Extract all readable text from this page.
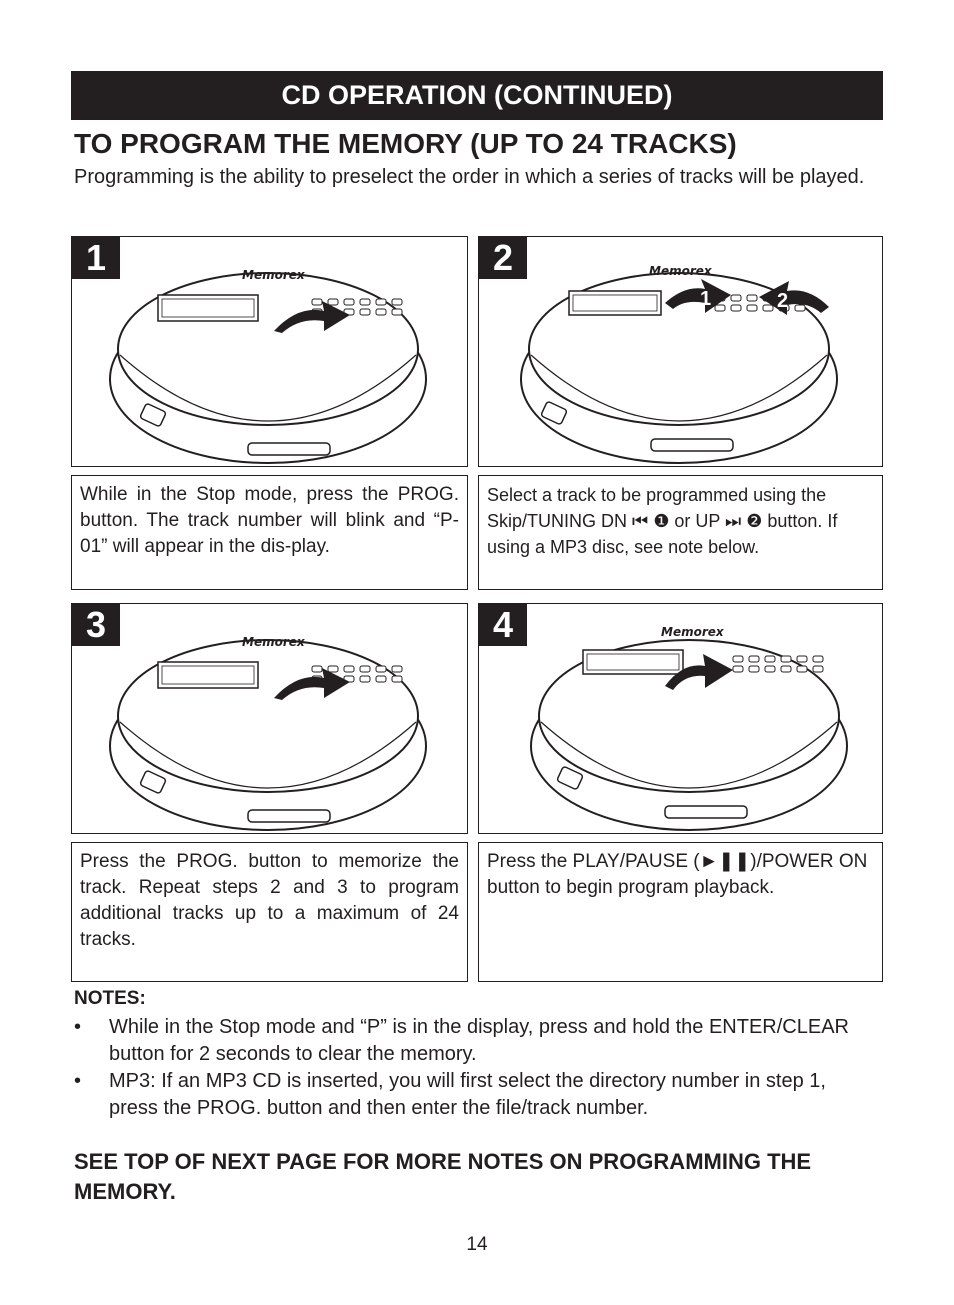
CD OPERATION (CONTINUED)
TO PROGRAM THE MEMORY (UP TO 24 TRACKS)

Programming is the ability to preselect the order in which a series of tracks will be played.

Memorex
1
While in the Stop mode, press the PROG. button. The track number will blink and “P-01” will appear in the dis-play.
Memorex
1	2
2
Select a track to be programmed using the Skip/TUNING DN ⏮ ❶ or UP ⏭ ❷ button. If using a MP3 disc, see note below.
Memorex
3
Press the PROG. button to memorize the track. Repeat steps 2 and 3 to program additional tracks up to a maximum of 24 tracks.
Memorex
4
Press the PLAY/PAUSE (►❚❚)/POWER ON button to begin program playback.

NOTES:

• While in the Stop mode and “P” is in the display, press and hold the ENTER/CLEAR button for 2 seconds to clear the memory.
• MP3: If an MP3 CD is inserted, you will first select the directory number in step 1, press the PROG. button and then enter the file/track number.

SEE TOP OF NEXT PAGE FOR MORE NOTES ON PROGRAMMING THE MEMORY.

14
